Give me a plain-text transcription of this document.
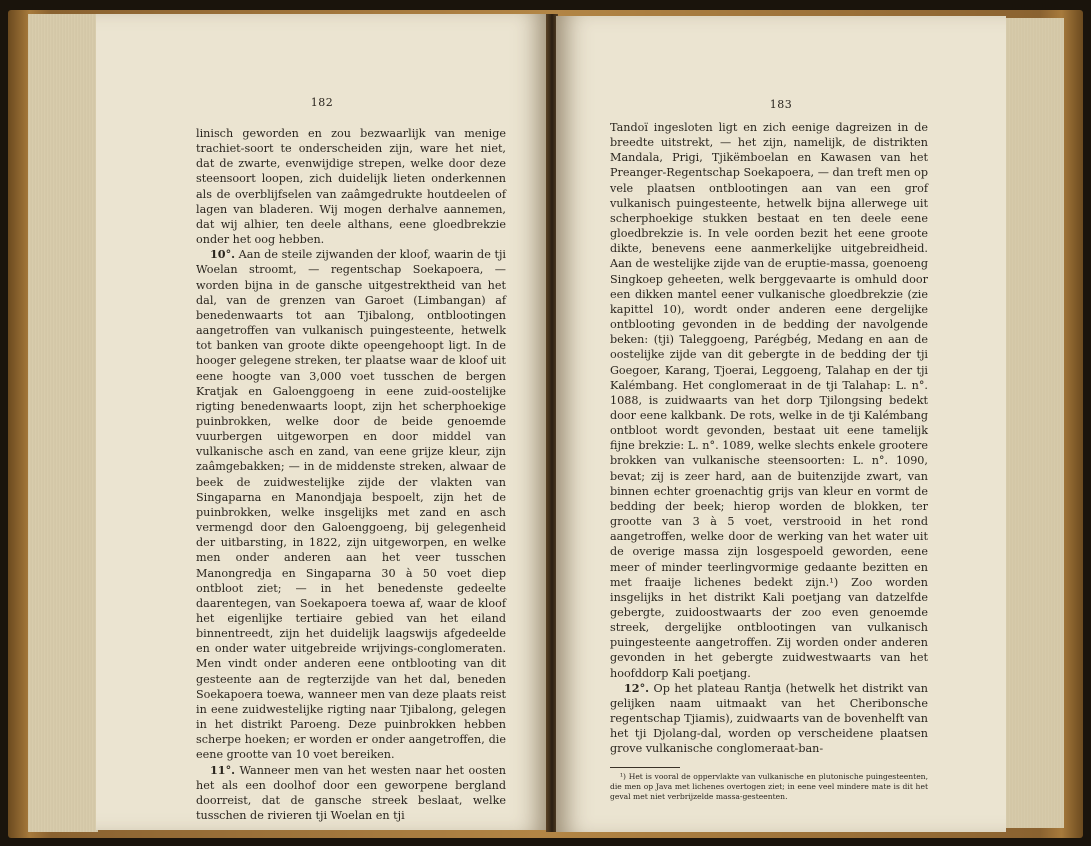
182

linisch geworden en zou bezwaarlijk van menige trachiet-soort te onderscheiden zijn, ware het niet, dat de zwarte, evenwijdige strepen, welke door deze steensoort loopen, zich duidelijk lieten onderkennen als de overblijfselen van zaâmgedrukte houtdeelen of lagen van bladeren. Wij mogen derhalve aannemen, dat wij alhier, ten deele althans, eene gloedbrekzie onder het oog hebben.

10°. Aan de steile zijwanden der kloof, waarin de tji Woelan stroomt, — regentschap Soekapoera, — worden bijna in de gansche uitgestrektheid van het dal, van de grenzen van Garoet (Limbangan) af benedenwaarts tot aan Tjibalong, ontblootingen aangetroffen van vulkanisch puingesteente, hetwelk tot banken van groote dikte opeengehoopt ligt. In de hooger gelegene streken, ter plaatse waar de kloof uit eene hoogte van 3,000 voet tusschen de bergen Kratjak en Galoenggoeng in eene zuid-oostelijke rigting benedenwaarts loopt, zijn het scherphoekige puinbrokken, welke door de beide genoemde vuurbergen uitgeworpen en door middel van vulkanische asch en zand, van eene grijze kleur, zijn zaâmgebakken; — in de middenste streken, alwaar de beek de zuidwestelijke zijde der vlakten van Singaparna en Manondjaja bespoelt, zijn het de puinbrokken, welke insgelijks met zand en asch vermengd door den Galoenggoeng, bij gelegenheid der uitbarsting, in 1822, zijn uitgeworpen, en welke men onder anderen aan het veer tusschen Manongredja en Singaparna 30 à 50 voet diep ontbloot ziet; — in het benedenste gedeelte daarentegen, van Soekapoera toewa af, waar de kloof het eigenlijke tertiaire gebied van het eiland binnentreedt, zijn het duidelijk laagswijs afgedeelde en onder water uitgebreide wrijvings-conglomeraten. Men vindt onder anderen eene ontblooting van dit gesteente aan de regterzijde van het dal, beneden Soekapoera toewa, wanneer men van deze plaats reist in eene zuidwestelijke rigting naar Tjibalong, gelegen in het distrikt Paroeng. Deze puinbrokken hebben scherpe hoeken; er worden er onder aangetroffen, die eene grootte van 10 voet bereiken.

11°. Wanneer men van het westen naar het oosten het als een doolhof door een geworpene bergland doorreist, dat de gansche streek beslaat, welke tusschen de rivieren tji Woelan en tji

183

Tandoï ingesloten ligt en zich eenige dagreizen in de breedte uitstrekt, — het zijn, namelijk, de distrikten Mandala, Prigi, Tjikëmboelan en Kawasen van het Preanger-Regentschap Soekapoera, — dan treft men op vele plaatsen ontblootingen aan van een grof vulkanisch puingesteente, hetwelk bijna allerwege uit scherphoekige stukken bestaat en ten deele eene gloedbrekzie is. In vele oorden bezit het eene groote dikte, benevens eene aanmerkelijke uitgebreidheid. Aan de westelijke zijde van de eruptie-massa, goenoeng Singkoep geheeten, welk berggevaarte is omhuld door een dikken mantel eener vulkanische gloedbrekzie (zie kapittel 10), wordt onder anderen eene dergelijke ontblooting gevonden in de bedding der navolgende beken: (tji) Taleggoeng, Parégbég, Medang en aan de oostelijke zijde van dit gebergte in de bedding der tji Goegoer, Karang, Tjoerai, Leggoeng, Talahap en der tji Kalémbang. Het conglomeraat in de tji Talahap: L. n°. 1088, is zuidwaarts van het dorp Tjilongsing bedekt door eene kalkbank. De rots, welke in de tji Kalémbang ontbloot wordt gevonden, bestaat uit eene tamelijk fijne brekzie: L. n°. 1089, welke slechts enkele grootere brokken van vulkanische steensoorten: L. n°. 1090, bevat; zij is zeer hard, aan de buitenzijde zwart, van binnen echter groenachtig grijs van kleur en vormt de bedding der beek; hierop worden de blokken, ter grootte van 3 à 5 voet, verstrooid in het rond aangetroffen, welke door de werking van het water uit de overige massa zijn losgespoeld geworden, eene meer of minder teerlingvormige gedaante bezitten en met fraaije lichenes bedekt zijn.¹) Zoo worden insgelijks in het distrikt Kali poetjang van datzelfde gebergte, zuidoostwaarts der zoo even genoemde streek, dergelijke ontblootingen van vulkanisch puingesteente aangetroffen. Zij worden onder anderen gevonden in het gebergte zuidwestwaarts van het hoofddorp Kali poetjang.

12°. Op het plateau Rantja (hetwelk het distrikt van gelijken naam uitmaakt van het Cheribonsche regentschap Tjiamis), zuidwaarts van de bovenhelft van het tji Djolang-dal, worden op verscheidene plaatsen grove vulkanische conglomeraat-ban-

¹) Het is vooral de oppervlakte van vulkanische en plutonische puingesteenten, die men op Java met lichenes overtogen ziet; in eene veel mindere mate is dit het geval met niet verbrijzelde massa-gesteenten.
